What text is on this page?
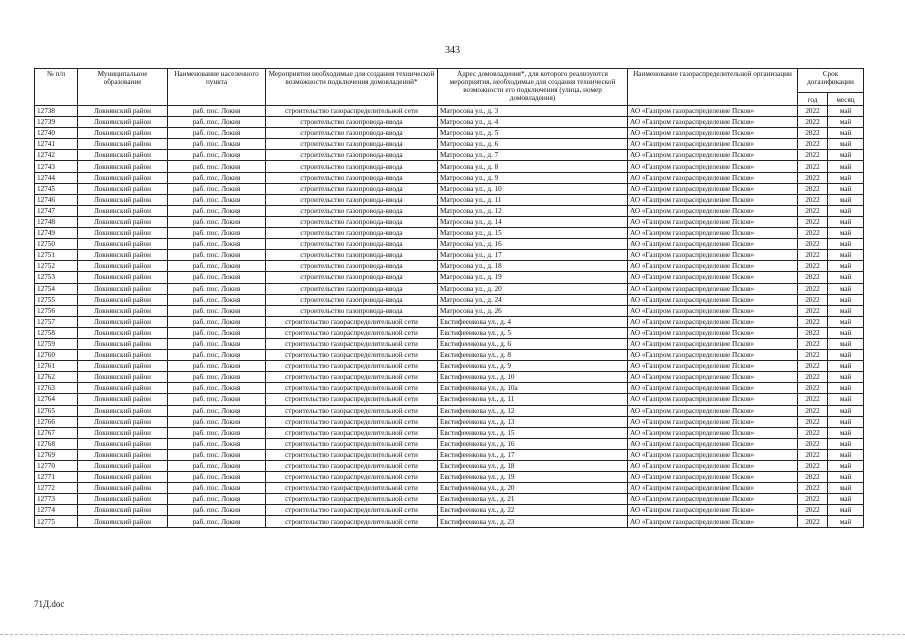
343
№ п/п	Муниципальное образование	Наименование населенного пункта	Мероприятия необходимые для создания технической возможности подключения домовладений*	Адрес домовладения*, для которого реализуются мероприятия, необходимые для создания технической возможности его подключения (улица, номер домовладения)	Наименование газораспределительной организации	Срок догазификации	
						год	месяц
12738	Локнянский район	раб. пос. Локня	строительство газораспределительной сети	Матросова ул., д. 3	АО «Газпром газораспределение Псков»	2022	май
12739	Локнянский район	раб. пос. Локня	строительство газопровода-ввода	Матросова ул., д. 4	АО «Газпром газораспределение Псков»	2022	май
12740	Локнянский район	раб. пос. Локня	строительство газопровода-ввода	Матросова ул., д. 5	АО «Газпром газораспределение Псков»	2022	май
12741	Локнянский район	раб. пос. Локня	строительство газопровода-ввода	Матросова ул., д. 6	АО «Газпром газораспределение Псков»	2022	май
12742	Локнянский район	раб. пос. Локня	строительство газопровода-ввода	Матросова ул., д. 7	АО «Газпром газораспределение Псков»	2022	май
12743	Локнянский район	раб. пос. Локня	строительство газопровода-ввода	Матросова ул., д. 8	АО «Газпром газораспределение Псков»	2022	май
12744	Локнянский район	раб. пос. Локня	строительство газопровода-ввода	Матросова ул., д. 9	АО «Газпром газораспределение Псков»	2022	май
12745	Локнянский район	раб. пос. Локня	строительство газопровода-ввода	Матросова ул., д. 10	АО «Газпром газораспределение Псков»	2022	май
12746	Локнянский район	раб. пос. Локня	строительство газопровода-ввода	Матросова ул., д. 11	АО «Газпром газораспределение Псков»	2022	май
12747	Локнянский район	раб. пос. Локня	строительство газопровода-ввода	Матросова ул., д. 12	АО «Газпром газораспределение Псков»	2022	май
12748	Локнянский район	раб. пос. Локня	строительство газопровода-ввода	Матросова ул., д. 14	АО «Газпром газораспределение Псков»	2022	май
12749	Локнянский район	раб. пос. Локня	строительство газопровода-ввода	Матросова ул., д. 15	АО «Газпром газораспределение Псков»	2022	май
12750	Локнянский район	раб. пос. Локня	строительство газопровода-ввода	Матросова ул., д. 16	АО «Газпром газораспределение Псков»	2022	май
12751	Локнянский район	раб. пос. Локня	строительство газопровода-ввода	Матросова ул., д. 17	АО «Газпром газораспределение Псков»	2022	май
12752	Локнянский район	раб. пос. Локня	строительство газопровода-ввода	Матросова ул., д. 18	АО «Газпром газораспределение Псков»	2022	май
12753	Локнянский район	раб. пос. Локня	строительство газопровода-ввода	Матросова ул., д. 19	АО «Газпром газораспределение Псков»	2022	май
12754	Локнянский район	раб. пос. Локня	строительство газопровода-ввода	Матросова ул., д. 20	АО «Газпром газораспределение Псков»	2022	май
12755	Локнянский район	раб. пос. Локня	строительство газопровода-ввода	Матросова ул., д. 24	АО «Газпром газораспределение Псков»	2022	май
12756	Локнянский район	раб. пос. Локня	строительство газопровода-ввода	Матросова ул., д. 26	АО «Газпром газораспределение Псков»	2022	май
12757	Локнянский район	раб. пос. Локня	строительство газораспределительной сети	Евстифеенкова ул., д. 4	АО «Газпром газораспределение Псков»	2022	май
12758	Локнянский район	раб. пос. Локня	строительство газораспределительной сети	Евстифеенкова ул., д. 5	АО «Газпром газораспределение Псков»	2022	май
12759	Локнянский район	раб. пос. Локня	строительство газораспределительной сети	Евстифеенкова ул., д. 6	АО «Газпром газораспределение Псков»	2022	май
12760	Локнянский район	раб. пос. Локня	строительство газораспределительной сети	Евстифеенкова ул., д. 8	АО «Газпром газораспределение Псков»	2022	май
12761	Локнянский район	раб. пос. Локня	строительство газораспределительной сети	Евстифеенкова ул., д. 9	АО «Газпром газораспределение Псков»	2022	май
12762	Локнянский район	раб. пос. Локня	строительство газораспределительной сети	Евстифеенкова ул., д. 10	АО «Газпром газораспределение Псков»	2022	май
12763	Локнянский район	раб. пос. Локня	строительство газораспределительной сети	Евстифеенкова ул., д. 10а	АО «Газпром газораспределение Псков»	2022	май
12764	Локнянский район	раб. пос. Локня	строительство газораспределительной сети	Евстифеенкова ул., д. 11	АО «Газпром газораспределение Псков»	2022	май
12765	Локнянский район	раб. пос. Локня	строительство газораспределительной сети	Евстифеенкова ул., д. 12	АО «Газпром газораспределение Псков»	2022	май
12766	Локнянский район	раб. пос. Локня	строительство газораспределительной сети	Евстифеенкова ул., д. 13	АО «Газпром газораспределение Псков»	2022	май
12767	Локнянский район	раб. пос. Локня	строительство газораспределительной сети	Евстифеенкова ул., д. 15	АО «Газпром газораспределение Псков»	2022	май
12768	Локнянский район	раб. пос. Локня	строительство газораспределительной сети	Евстифеенкова ул., д. 16	АО «Газпром газораспределение Псков»	2022	май
12769	Локнянский район	раб. пос. Локня	строительство газораспределительной сети	Евстифеенкова ул., д. 17	АО «Газпром газораспределение Псков»	2022	май
12770	Локнянский район	раб. пос. Локня	строительство газораспределительной сети	Евстифеенкова ул., д. 18	АО «Газпром газораспределение Псков»	2022	май
12771	Локнянский район	раб. пос. Локня	строительство газораспределительной сети	Евстифеенкова ул., д. 19	АО «Газпром газораспределение Псков»	2022	май
12772	Локнянский район	раб. пос. Локня	строительство газораспределительной сети	Евстифеенкова ул., д. 20	АО «Газпром газораспределение Псков»	2022	май
12773	Локнянский район	раб. пос. Локня	строительство газораспределительной сети	Евстифеенкова ул., д. 21	АО «Газпром газораспределение Псков»	2022	май
12774	Локнянский район	раб. пос. Локня	строительство газораспределительной сети	Евстифеенкова ул., д. 22	АО «Газпром газораспределение Псков»	2022	май
12775	Локнянский район	раб. пос. Локня	строительство газораспределительной сети	Евстифеенкова ул., д. 23	АО «Газпром газораспределение Псков»	2022	май
71Д.doc
